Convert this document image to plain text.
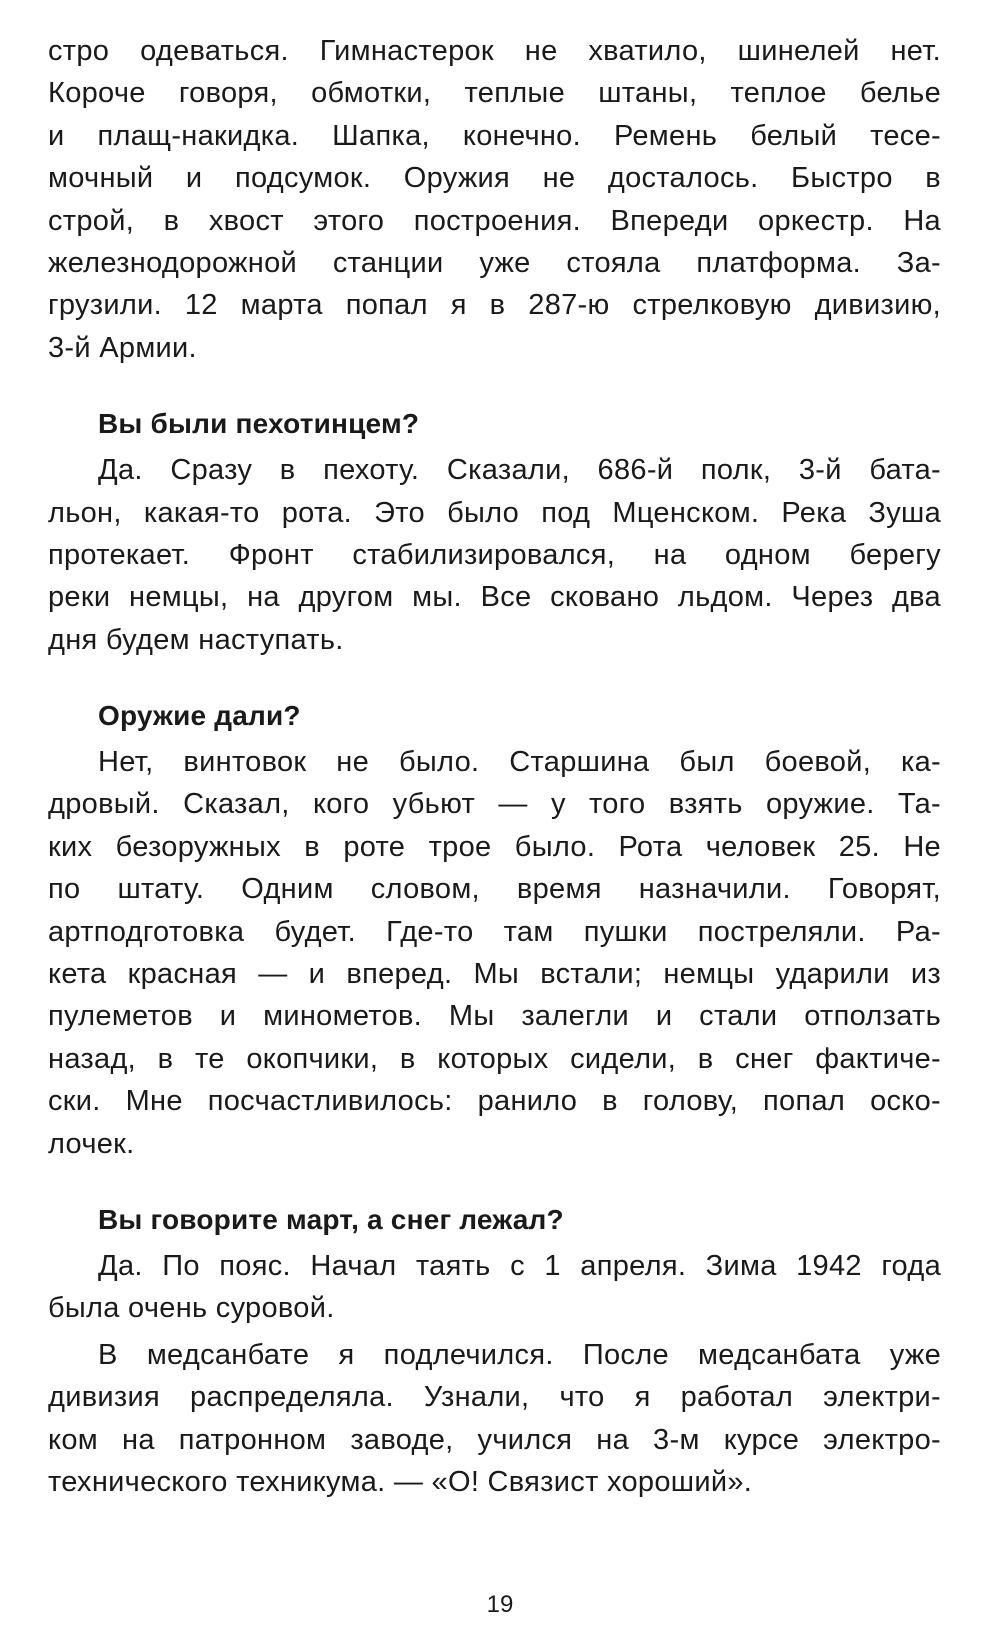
стро одеваться. Гимнастерок не хватило, шинелей нет.
Короче говоря, обмотки, теплые штаны, теплое белье
и плащ-накидка. Шапка, конечно. Ремень белый тесе-
мочный и подсумок. Оружия не досталось. Быстро в
строй, в хвост этого построения. Впереди оркестр. На
железнодорожной станции уже стояла платформа. За-
грузили. 12 марта попал я в 287-ю стрелковую дивизию,
3-й Армии.
Вы были пехотинцем?
Да. Сразу в пехоту. Сказали, 686-й полк, 3-й бата-
льон, какая-то рота. Это было под Мценском. Река Зуша
протекает. Фронт стабилизировался, на одном берегу
реки немцы, на другом мы. Все сковано льдом. Через два
дня будем наступать.
Оружие дали?
Нет, винтовок не было. Старшина был боевой, ка-
дровый. Сказал, кого убьют — у того взять оружие. Та-
ких безоружных в роте трое было. Рота человек 25. Не
по штату. Одним словом, время назначили. Говорят,
артподготовка будет. Где-то там пушки постреляли. Ра-
кета красная — и вперед. Мы встали; немцы ударили из
пулеметов и минометов. Мы залегли и стали отползать
назад, в те окопчики, в которых сидели, в снег фактиче-
ски. Мне посчастливилось: ранило в голову, попал оско-
лочек.
Вы говорите март, а снег лежал?
Да. По пояс. Начал таять с 1 апреля. Зима 1942 года
была очень суровой.
В медсанбате я подлечился. После медсанбата уже
дивизия распределяла. Узнали, что я работал электри-
ком на патронном заводе, учился на 3-м курсе электро-
технического техникума. — «О! Связист хороший».
19
